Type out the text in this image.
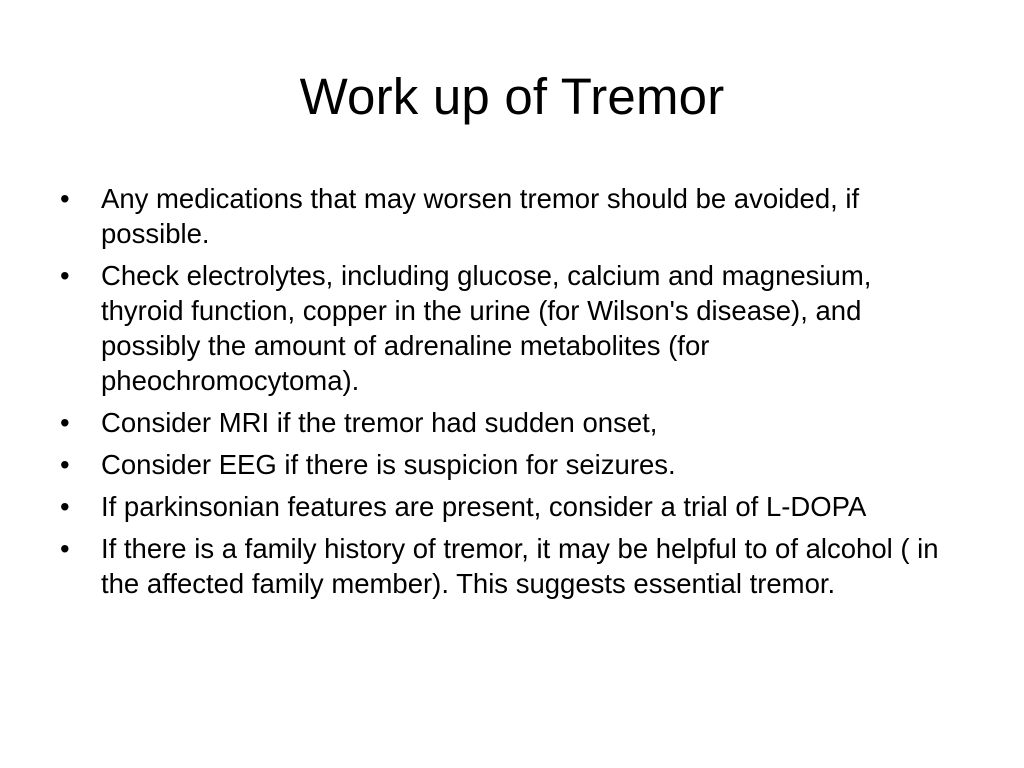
Work up of Tremor
•	Any medications that may worsen tremor should be avoided, if possible.
•	Check electrolytes, including glucose, calcium and magnesium, thyroid function, copper in the urine (for Wilson's disease), and possibly the amount of adrenaline metabolites (for pheochromocytoma).
•	Consider MRI if the tremor had sudden onset,
•	Consider EEG if there is suspicion for seizures.
•	If parkinsonian features are present, consider a trial of L-DOPA
•	If there is a family history of tremor, it may be helpful to of alcohol ( in the affected family member). This suggests essential tremor.
